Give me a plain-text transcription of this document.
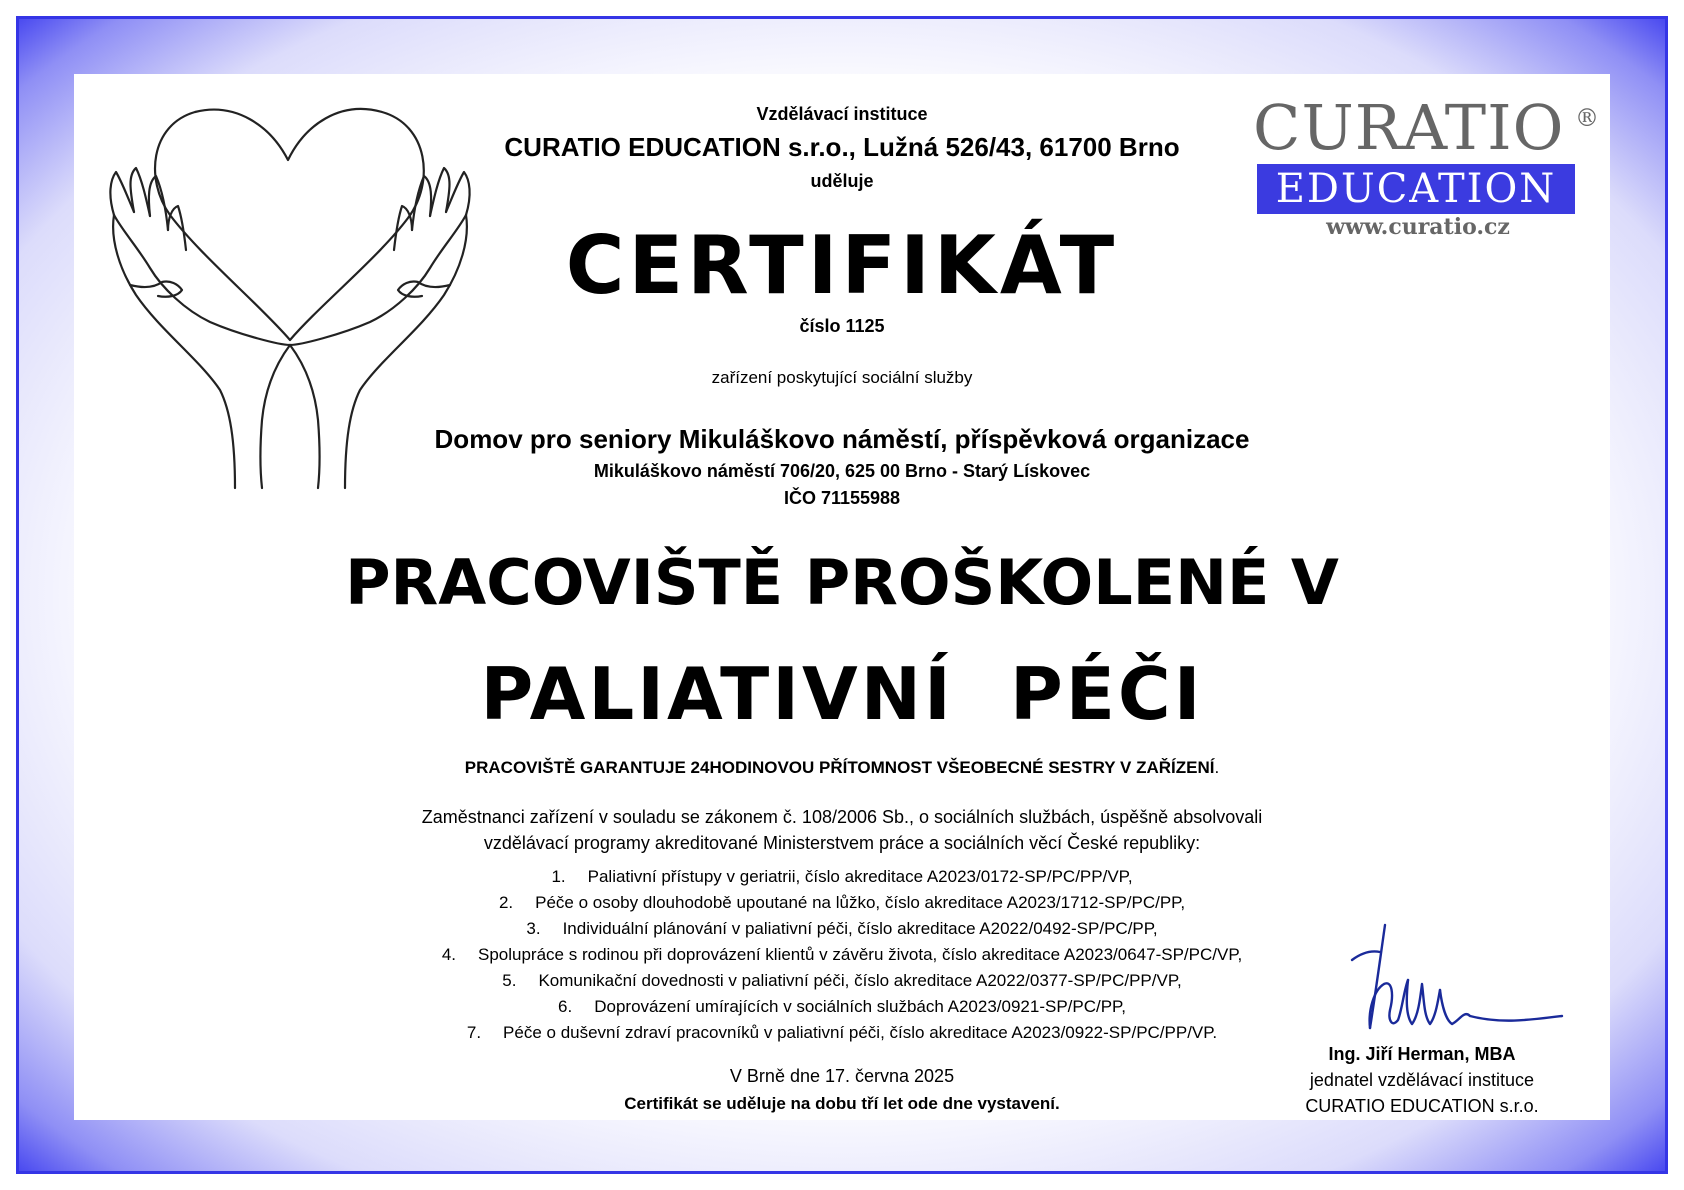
CURATIO ®
EDUCATION
www.curatio.cz
Vzdělávací instituce
CURATIO EDUCATION s.r.o., Lužná 526/43, 61700 Brno
uděluje
CERTIFIKÁT
číslo 1125
zařízení poskytující sociální služby
Domov pro seniory Mikuláškovo náměstí, příspěvková organizace
Mikuláškovo náměstí 706/20, 625 00 Brno - Starý Lískovec
IČO 71155988
PRACOVIŠTĚ PROŠKOLENÉ V
PALIATIVNÍ  PÉČI
PRACOVIŠTĚ GARANTUJE 24HODINOVOU PŘÍTOMNOST VŠEOBECNÉ SESTRY V ZAŘÍZENÍ.
Zaměstnanci zařízení v souladu se zákonem č. 108/2006 Sb., o sociálních službách, úspěšně absolvovali
vzdělávací programy akreditované Ministerstvem práce a sociálních věcí České republiky:
1. Paliativní přístupy v geriatrii, číslo akreditace A2023/0172-SP/PC/PP/VP,
2. Péče o osoby dlouhodobě upoutané na lůžko, číslo akreditace A2023/1712-SP/PC/PP,
3. Individuální plánování v paliativní péči, číslo akreditace A2022/0492-SP/PC/PP,
4. Spolupráce s rodinou při doprovázení klientů v závěru života, číslo akreditace A2023/0647-SP/PC/VP,
5. Komunikační dovednosti v paliativní péči, číslo akreditace A2022/0377-SP/PC/PP/VP,
6. Doprovázení umírajících v sociálních službách A2023/0921-SP/PC/PP,
7. Péče o duševní zdraví pracovníků v paliativní péči, číslo akreditace A2023/0922-SP/PC/PP/VP.
V Brně dne 17. června 2025
Certifikát se uděluje na dobu tří let ode dne vystavení.
Ing. Jiří Herman, MBA
jednatel vzdělávací instituce
CURATIO EDUCATION s.r.o.
